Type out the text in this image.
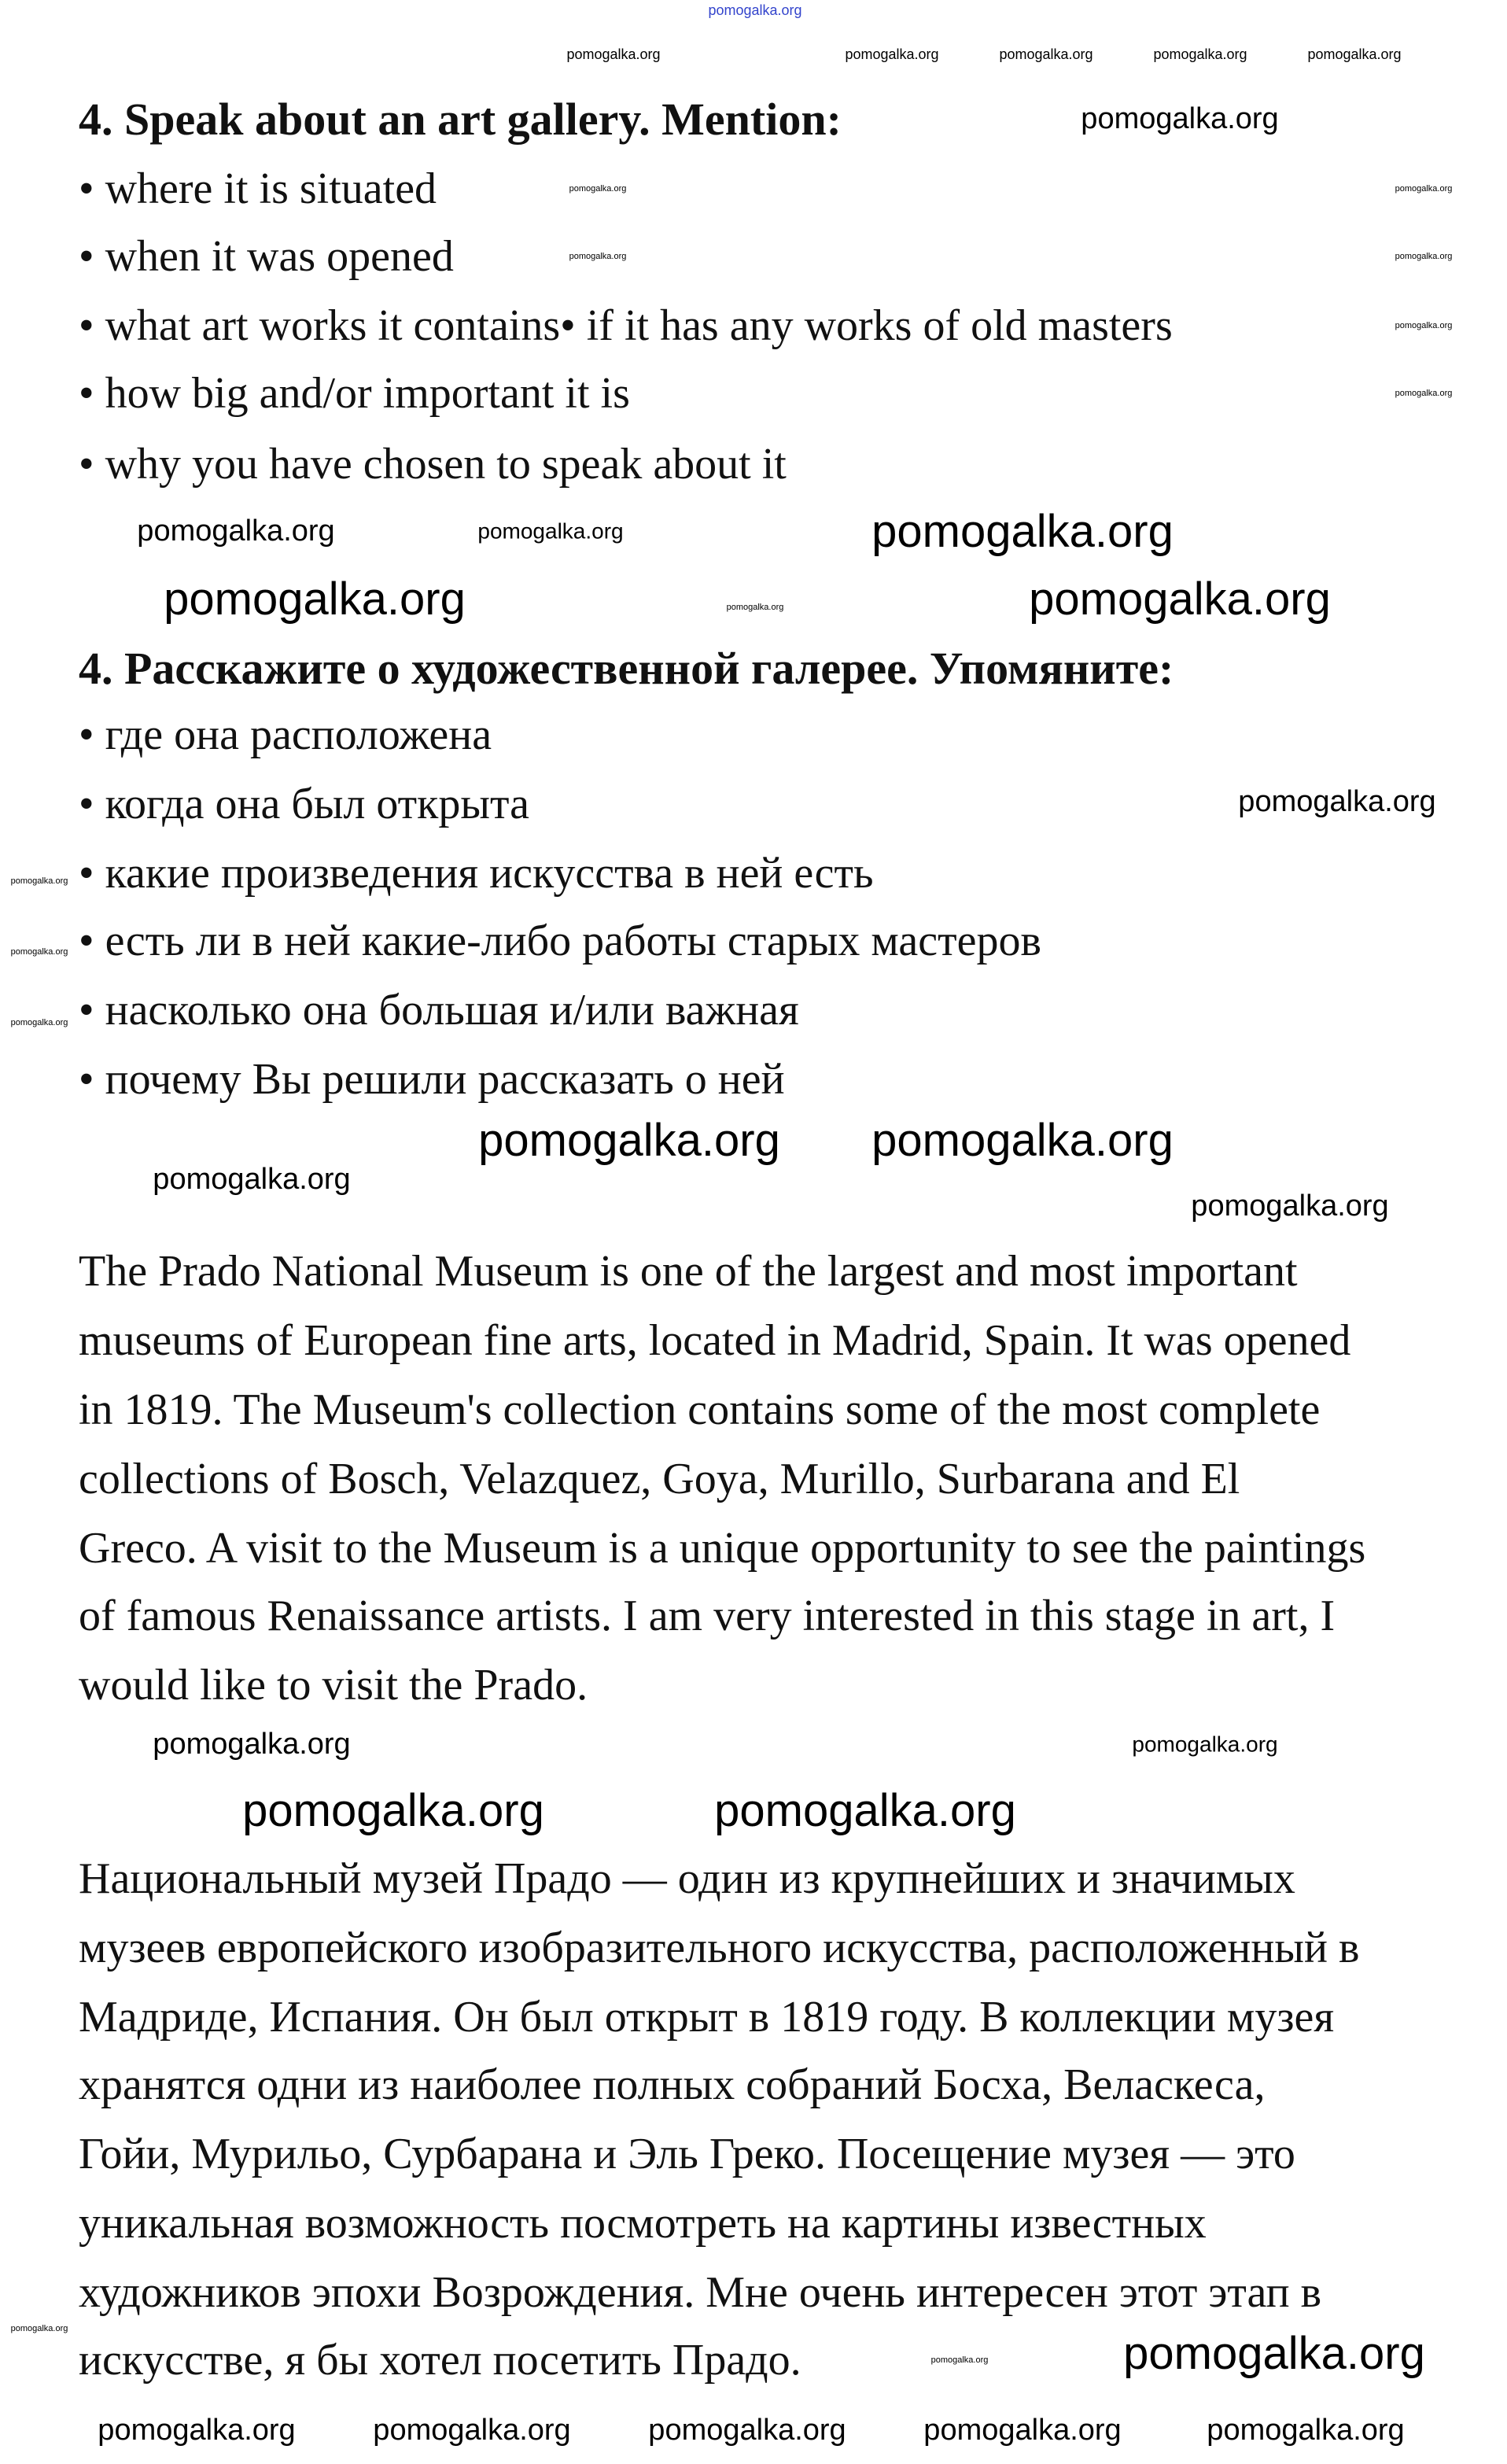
4. Speak about an art gallery. Mention:
• where it is situated
• when it was opened
• what art works it contains• if it has any works of old masters
• how big and/or important it is
• why you have chosen to speak about it
4. Расскажите о художественной галерее. Упомяните:
• где она расположена
• когда она был открыта
• какие произведения искусства в ней есть
• есть ли в ней какие-либо работы старых мастеров
• насколько она большая и/или важная
• почему Вы решили рассказать о ней
The Prado National Museum is one of the largest and most important
museums of European fine arts, located in Madrid, Spain. It was opened
in 1819. The Museum's collection contains some of the most complete
collections of Bosch, Velazquez, Goya, Murillo, Surbarana and El
Greco. A visit to the Museum is a unique opportunity to see the paintings
of famous Renaissance artists. I am very interested in this stage in art, I
would like to visit the Prado.
Национальный музей Прадо — один из крупнейших и значимых
музеев европейского изобразительного искусства, расположенный в
Мадриде, Испания. Он был открыт в 1819 году. В коллекции музея
хранятся одни из наиболее полных собраний Босха, Веласкеса,
Гойи, Мурильо, Сурбарана и Эль Греко. Посещение музея — это
уникальная возможность посмотреть на картины известных
художников эпохи Возрождения. Мне очень интересен этот этап в
искусстве, я бы хотел посетить Прадо.
pomogalka.org
pomogalka.org	pomogalka.org	pomogalka.org	pomogalka.org	pomogalka.org
pomogalka.org
pomogalka.org
pomogalka.org
pomogalka.org
pomogalka.org
pomogalka.org
pomogalka.org
pomogalka.org	pomogalka.org	pomogalka.org
pomogalka.org	pomogalka.org	pomogalka.org
pomogalka.org
pomogalka.org
pomogalka.org
pomogalka.org
pomogalka.org
pomogalka.org
pomogalka.org
pomogalka.org
pomogalka.org
pomogalka.org
pomogalka.org
pomogalka.org
pomogalka.org
pomogalka.org
pomogalka.org	pomogalka.org
pomogalka.org
pomogalka.org	pomogalka.org
pomogalka.org
